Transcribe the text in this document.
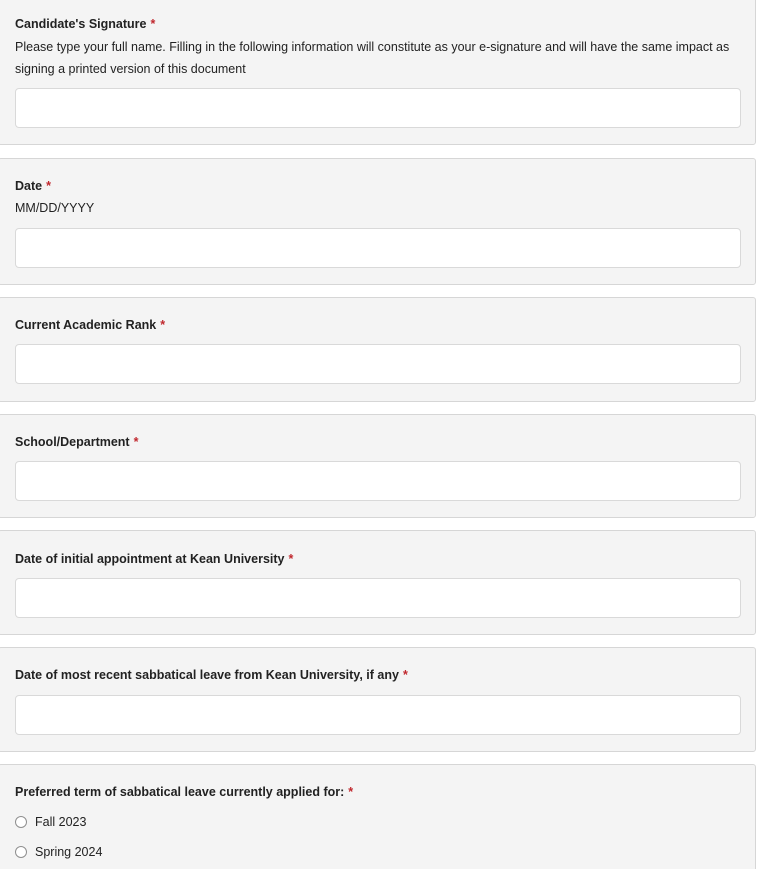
Candidate's Signature *
Please type your full name. Filling in the following information will constitute as your e-signature and will have the same impact as signing a printed version of this document
Date *
MM/DD/YYYY
Current Academic Rank *
School/Department *
Date of initial appointment at Kean University *
Date of most recent sabbatical leave from Kean University, if any *
Preferred term of sabbatical leave currently applied for: *
Fall 2023
Spring 2024
